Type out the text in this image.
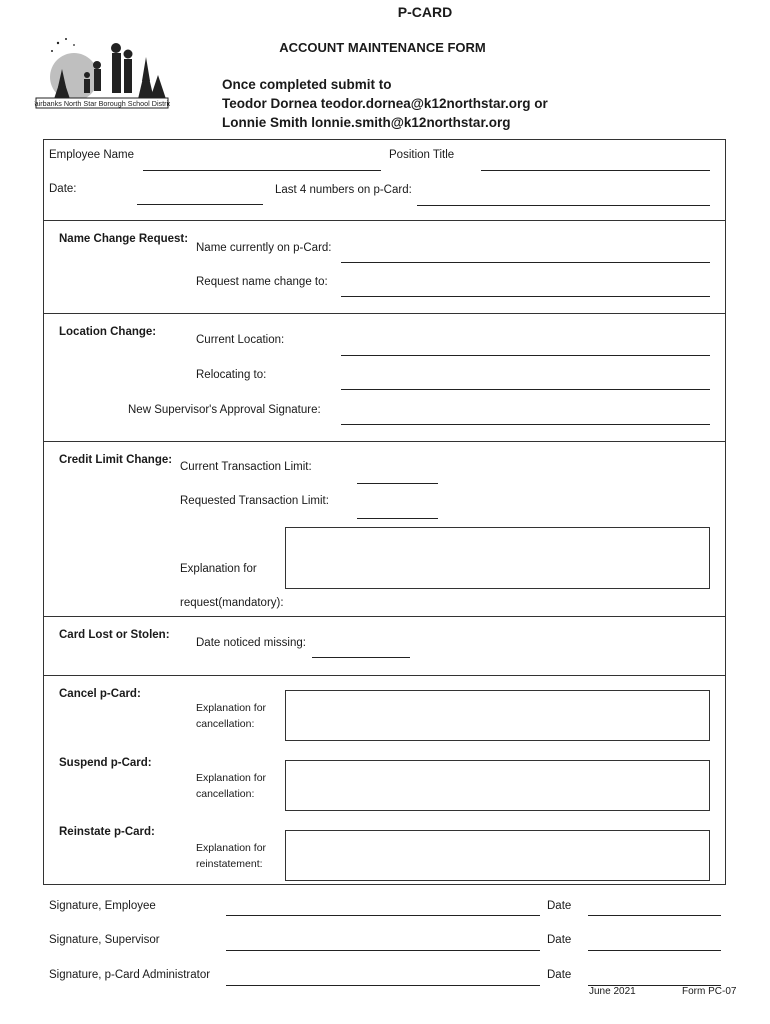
P-CARD
ACCOUNT MAINTENANCE FORM
Once completed submit to
Teodor Dornea teodor.dornea@k12northstar.org or
Lonnie Smith lonnie.smith@k12northstar.org
Fairbanks North Star Borough School District
Employee Name	Position Title
Date:	Last 4 numbers on p-Card:
Name Change Request:
Name currently on p-Card:
Request name change to:
Location Change:
Current Location:
Relocating to:
New Supervisor's Approval Signature:
Credit Limit Change:
Current Transaction Limit:
Requested Transaction Limit:
Explanation for
request(mandatory):
Card Lost or Stolen:
Date noticed missing:
Cancel p-Card:
Explanation for
cancellation:
Suspend p-Card:
Explanation for
cancellation:
Reinstate p-Card:
Explanation for
reinstatement:
Signature, Employee	Date
Signature, Supervisor	Date
Signature, p-Card Administrator	Date
June 2021	Form PC-07
